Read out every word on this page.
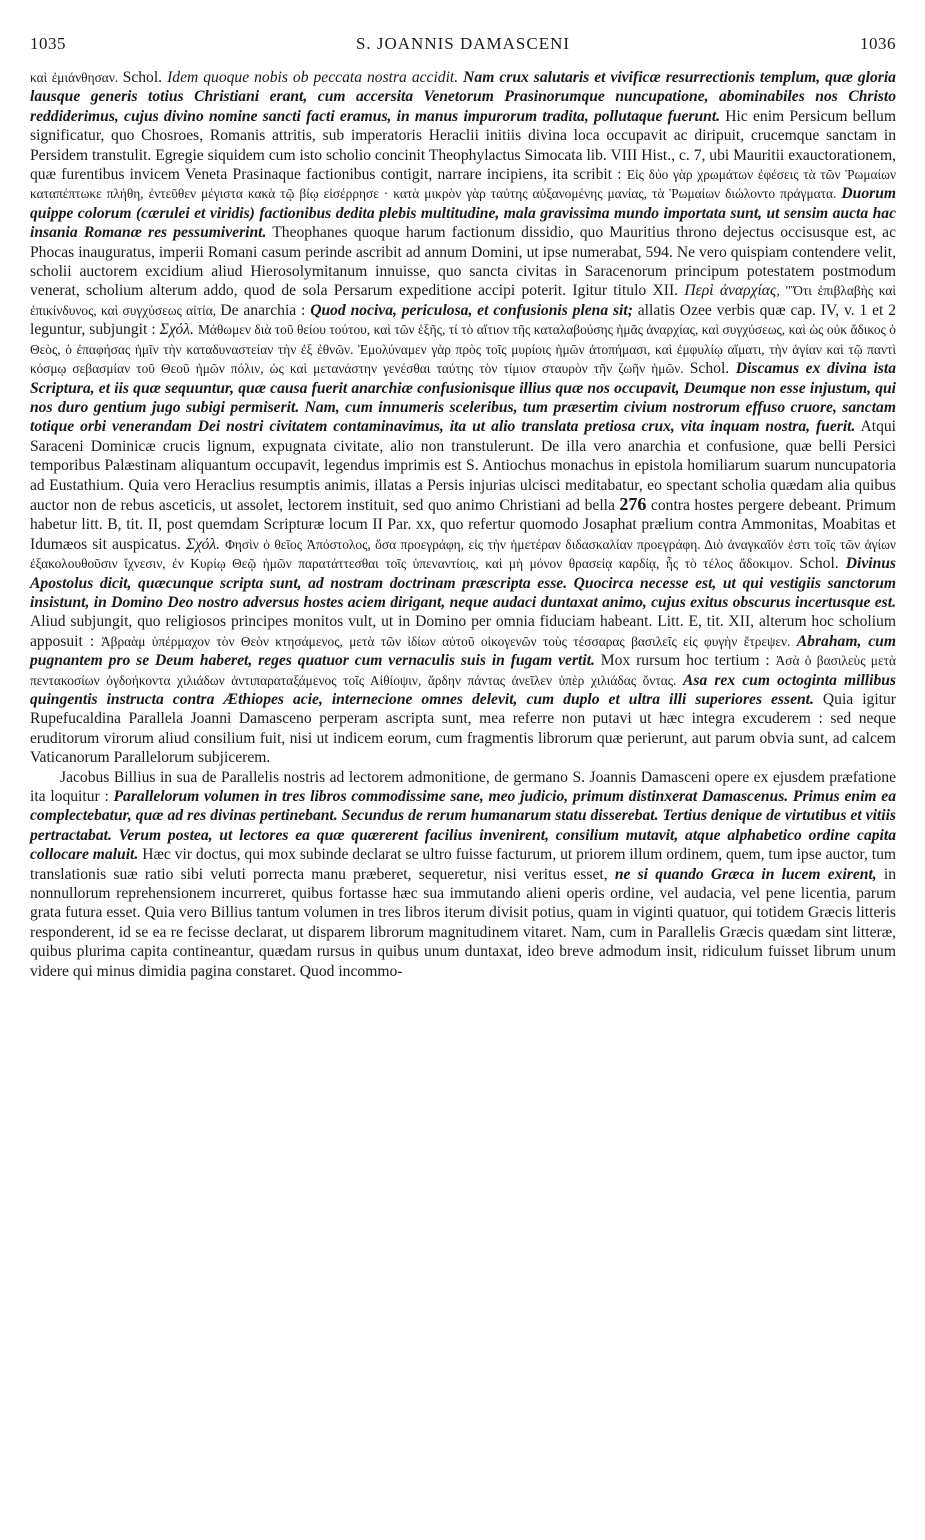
1035	S. JOANNIS DAMASCENI	1036

καὶ ἐμιάνθησαν. Schol. Idem quoque nobis ob peccata nostra accidit. Nam crux salutaris et vivificæ resurrectionis templum, quæ gloria lausque generis totius Christiani erant, cum accersita Venetorum Prasinorumque nuncupatione, abominabiles nos Christo reddiderimus, cujus divino nomine sancti facti eramus, in manus impurorum tradita, pollutaque fuerunt. Hic enim Persicum bellum significatur, quo Chosroes, Romanis attritis, sub imperatoris Heraclii initiis divina loca occupavit ac diripuit, crucemque sanctam in Persidem transtulit. Egregie siquidem cum isto scholio concinit Theophylactus Simocata lib. VIII Hist., c. 7, ubi Mauritii exauctorationem, quæ furentibus invicem Veneta Prasinaque factionibus contigit, narrare incipiens, ita scribit : Εἰς δύο γὰρ χρωμάτων ἐφέσεις τὰ τῶν Ῥωμαίων καταπέπτωκε πλήθη, ἐντεῦθεν μέγιστα κακὰ τῷ βίῳ εἰσέρρησε · κατὰ μικρὸν γὰρ ταύτης αὐξανομένης μανίας, τὰ Ῥωμαίων διώλοντο πράγματα. Duorum quippe colorum (cærulei et viridis) factionibus dedita plebis multitudine, mala gravissima mundo importata sunt, ut sensim aucta hac insania Romanæ res pessumiverint. Theophanes quoque harum factionum dissidio, quo Mauritius throno dejectus occisusque est, ac Phocas inauguratus, imperii Romani casum perinde ascribit ad annum Domini, ut ipse numerabat, 594. Ne vero quispiam contendere velit, scholii auctorem excidium aliud Hierosolymitanum innuisse, quo sancta civitas in Saracenorum principum potestatem postmodum venerat, scholium alterum addo, quod de sola Persarum expeditione accipi poterit. Igitur titulo XII. Περὶ ἀναρχίας, "Ὅτι ἐπιβλαβὴς καὶ ἐπικίνδυνος, καὶ συγχύσεως αἰτία, De anarchia : Quod nociva, periculosa, et confusionis plena sit; allatis Ozee verbis quæ cap. IV, v. 1 et 2 leguntur, subjungit : Σχόλ. Μάθωμεν διὰ τοῦ θείου τούτου, καὶ τῶν ἑξῆς, τί τὸ αἴτιον τῆς καταλαβούσης ἡμᾶς ἀναρχίας, καὶ συγχύσεως, καὶ ὡς οὐκ ἄδικος ὁ Θεὸς, ὁ ἐπαφήσας ἡμῖν τὴν καταδυναστείαν τὴν ἐξ ἐθνῶν. Ἐμολύναμεν γὰρ πρὸς τοῖς μυρίοις ἡμῶν ἀτοπήμασι, καὶ ἐμφυλίῳ αἵματι, τὴν ἁγίαν καὶ τῷ παντὶ κόσμῳ σεβασμίαν τοῦ Θεοῦ ἡμῶν πόλιν, ὡς καὶ μετανάστην γενέσθαι ταύτης τὸν τίμιον σταυρὸν τῆν ζωῆν ἡμῶν. Schol. Discamus ex divina ista Scriptura, et iis quæ sequuntur, quæ causa fuerit anarchiæ confusionisque illius quæ nos occupavit, Deumque non esse injustum, qui nos duro gentium jugo subigi permiserit. Nam, cum innumeris sceleribus, tum præsertim civium nostrorum effuso cruore, sanctam totique orbi venerandam Dei nostri civitatem contaminavimus, ita ut alio translata pretiosa crux, vita inquam nostra, fuerit. Atqui Saraceni Dominicæ crucis lignum, expugnata civitate, alio non transtulerunt. De illa vero anarchia et confusione, quæ belli Persici temporibus Palæstinam aliquantum occupavit, legendus imprimis est S. Antiochus monachus in epistola homiliarum suarum nuncupatoria ad Eustathium. Quia vero Heraclius resumptis animis, illatas a Persis injurias ulcisci meditabatur, eo spectant scholia quædam alia quibus auctor non de rebus asceticis, ut assolet, lectorem instituit, sed quo animo Christiani ad bella 276 contra hostes pergere debeant. Primum habetur litt. B, tit. II, post quemdam Scripturæ locum II Par. xx, quo refertur quomodo Josaphat prælium contra Ammonitas, Moabitas et Idumæos sit auspicatus. Σχόλ. Φησὶν ὁ θεῖος Ἀπόστολος, ὅσα προεγράφη, εἰς τὴν ἡμετέραν διδασκαλίαν προεγράφη. Διὸ ἀναγκαῖόν ἐστι τοῖς τῶν ἁγίων ἐξακολουθοῦσιν ἴχνεσιν, ἐν Κυρίῳ Θεῷ ἡμῶν παρατάττεσθαι τοῖς ὑπεναντίοις, καὶ μὴ μόνον θρασείᾳ καρδίᾳ, ἧς τὸ τέλος ἄδοκιμον. Schol. Divinus Apostolus dicit, quæcunque scripta sunt, ad nostram doctrinam præscripta esse. Quocirca necesse est, ut qui vestigiis sanctorum insistunt, in Domino Deo nostro adversus hostes aciem dirigant, neque audaci duntaxat animo, cujus exitus obscurus incertusque est. Aliud subjungit, quo religiosos principes monitos vult, ut in Domino per omnia fiduciam habeant. Litt. E, tit. XII, alterum hoc scholium apposuit : Ἀβραὰμ ὑπέρμαχον τὸν Θεὸν κτησάμενος, μετὰ τῶν ἰδίων αὐτοῦ οἰκογενῶν τοὺς τέσσαρας βασιλεῖς εἰς φυγὴν ἔτρεψεν. Abraham, cum pugnantem pro se Deum haberet, reges quatuor cum vernaculis suis in fugam vertit. Mox rursum hoc tertium : Ἀσὰ ὁ βασιλεὺς μετὰ πεντακοσίων ὀγδοήκοντα χιλιάδων ἀντιπαραταξάμενος τοῖς Αἰθίοψιν, ἄρδην πάντας ἀνεῖλεν ὑπὲρ χιλιάδας ὄντας. Asa rex cum octoginta millibus quingentis instructa contra Æthiopes acie, internecione omnes delevit, cum duplo et ultra illi superiores essent. Quia igitur Rupefucaldina Parallela Joanni Damasceno perperam ascripta sunt, mea referre non putavi ut hæc integra excuderem : sed neque eruditorum virorum aliud consilium fuit, nisi ut indicem eorum, cum fragmentis librorum quæ perierunt, aut parum obvia sunt, ad calcem Vaticanorum Parallelorum subjicerem.

Jacobus Billius in sua de Parallelis nostris ad lectorem admonitione, de germano S. Joannis Damasceni opere ex ejusdem præfatione ita loquitur : Parallelorum volumen in tres libros commodissime sane, meo judicio, primum distinxerat Damascenus. Primus enim ea complectebatur, quæ ad res divinas pertinebant. Secundus de rerum humanarum statu disserebat. Tertius denique de virtutibus et vitiis pertractabat. Verum postea, ut lectores ea quæ quærerent facilius invenirent, consilium mutavit, atque alphabetico ordine capita collocare maluit. Hæc vir doctus, qui mox subinde declarat se ultro fuisse facturum, ut priorem illum ordinem, quem, tum ipse auctor, tum translationis suæ ratio sibi veluti porrecta manu præberet, sequeretur, nisi veritus esset, ne si quando Græca in lucem exirent, in nonnullorum reprehensionem incurreret, quibus fortasse hæc sua immutando alieni operis ordine, vel audacia, vel pene licentia, parum grata futura esset. Quia vero Billius tantum volumen in tres libros iterum divisit potius, quam in viginti quatuor, qui totidem Græcis litteris responderent, id se ea re fecisse declarat, ut disparem librorum magnitudinem vitaret. Nam, cum in Parallelis Græcis quædam sint litteræ, quibus plurima capita contineantur, quædam rursus in quibus unum duntaxat, ideo breve admodum insit, ridiculum fuisset librum unum videre qui minus dimidia pagina constaret. Quod incommo-
